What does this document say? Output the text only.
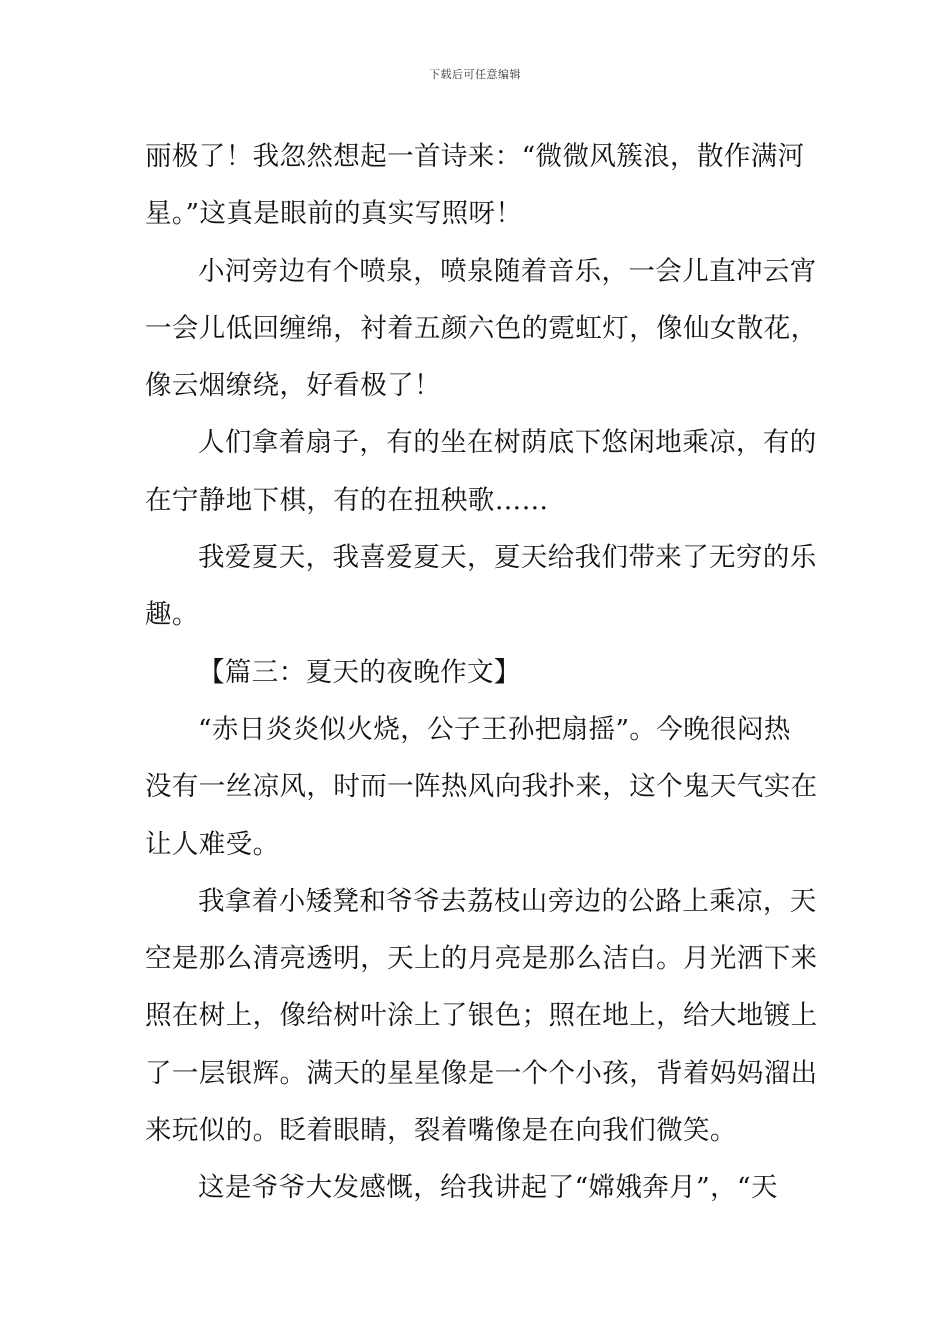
下载后可任意编辑
丽极了！我忽然想起一首诗来：“微微风簇浪，散作满河
星。”这真是眼前的真实写照呀！
小河旁边有个喷泉，喷泉随着音乐，一会儿直冲云宵
一会儿低回缠绵，衬着五颜六色的霓虹灯，像仙女散花，
像云烟缭绕，好看极了！
人们拿着扇子，有的坐在树荫底下悠闲地乘凉，有的
在宁静地下棋，有的在扭秧歌……
我爱夏天，我喜爱夏天，夏天给我们带来了无穷的乐
趣。
【篇三：夏天的夜晚作文】
“赤日炎炎似火烧，公子王孙把扇摇”。今晚很闷热
没有一丝凉风，时而一阵热风向我扑来，这个鬼天气实在
让人难受。
我拿着小矮凳和爷爷去荔枝山旁边的公路上乘凉，天
空是那么清亮透明，天上的月亮是那么洁白。月光洒下来
照在树上，像给树叶涂上了银色；照在地上，给大地镀上
了一层银辉。满天的星星像是一个个小孩，背着妈妈溜出
来玩似的。眨着眼睛，裂着嘴像是在向我们微笑。
这是爷爷大发感慨，给我讲起了“嫦娥奔月”，“天
